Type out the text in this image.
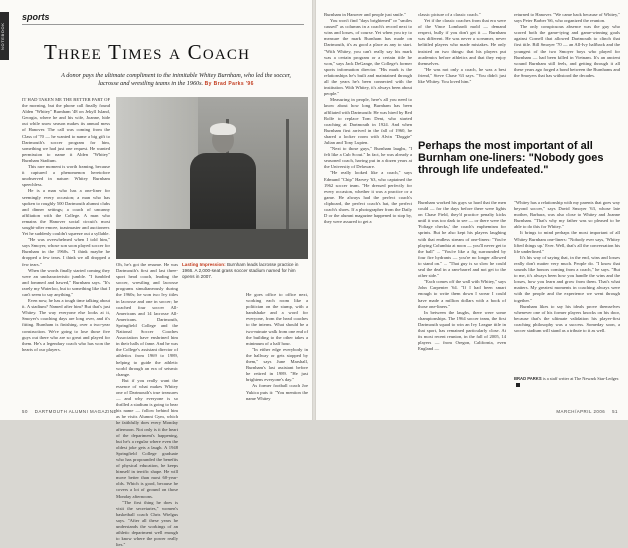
NOTEBOOK
sports
Three Times a Coach
A donor pays the ultimate compliment to the inimitable Whitey Burnham, who led the soccer, lacrosse and wrestling teams in the 1960s. By Brad Parks '96

IT HAD TAKEN ME THE BETTER PART OF the morning, but the phone call finally found Alden "Whitey" Burnham '48 on Jekyll Island, Georgia, where he and his wife, Joanne, hide out while snow season makes its annual mess of Hanover. The call was coming from the Class of '70 — he wanted to name a big gift to Dartmouth's soccer program for him, something we had just one request. He wanted permission to name it Alden "Whitey" Burnham Stadium.

This rare moment is worth framing, because it captured a phenomenon heretofore unobserved in nature: Whitey Burnham speechless.

He is a man who has a one-liner for seemingly every occasion; a man who has spoken to roughly 500 Dartmouth alumni clubs and dinner settings; a coach of uncanny affiliation with the College. A man who remains the Hanover social circuit's most sought-after emcee, toastmaster and auctioneer. Yet he suddenly couldn't squeeze out a syllable.

"He was overwhelmed when I told him," says Smoyer, whose son soon played soccer for Burnham in the 1960s. "I think maybe he dropped a few tears. I think we all dropped a few tears."

When the words finally started coming they were an uncharacteristic jumble. "I fumbled and fommed and hawed," Burnham says. "It's rarely my Waterloo, but to something like that I can't seem to say anything."

Even now, he has a tough time talking about it. A stadium? Named after him? But that's just Whitey. The way everyone else looks at it, Smoyer's coaching days are long over, and it's fitting. Burnham is finishing, over a two-year construction. We're going to lose those five guys out there who are so great and played for them. He's a legendary coach who has won the hearts of our players.

Oh, he's got the resume. He was Dartmouth's first and last three-sport head coach, leading the soccer, wrestling and lacrosse programs simultaneously during the 1960s; he won two Ivy titles in lacrosse and one in soccer; he coached four soccer All-Americans and 14 lacrosse All-Americans. Dartmouth, Springfield College and the National Soccer Coaches Association have enshrined him in their halls of fame. And he was the College's assistant director of athletics from 1969 to 1989, helping to guide the athletic world through an era of seismic change.

But if you really want the essence of what makes Whitey one of Dartmouth's true treasures — and why everyone is so thrilled a stadium is going to bear his name — follow behind him as he visits Alumni Gym, which he faithfully does every Monday afternoon. Not only is it the heart of the department's happening, but he's a regular where even the oldest joke gets a laugh. A 1948 Springfield College graduate who has propounded the benefits of physical education, he keeps himself in terrific shape. He will move better than most 60-year-olds. Which is good, because he covers a lot of ground on those Monday afternoons.

"The first thing he does is visit the secretaries," women's basketball coach Chris Wielgus says. "After all these years he understands the workings of an athletic department well enough to know where the power really lies."

Lasting Impression: Burnham leads lacrosse practice in 1966. A 2,000-seat grass soccer stadium named for him opens in 2007.

He goes office to office next, working each room like a politician on the stump, with a handshake and a word for everyone, from the head coaches to the interns. What should be a two-minute walk from one end of the building to the other takes a minimum of a half hour.

"In either edge everybody in the hallway or gets stopped by them," says June Marshall, Burnham's last assistant before he retired in 1989. "He just brightens everyone's day."

As former football coach Joe Yukica puts it: "You mention the name Whitey

50 DARTMOUTH ALUMNI MAGAZINE

Burnham in Hanover and people just smile."

You won't find "days brightened" or "smiles caused" as columns in a coach's record next to wins and losses, of course. Yet when you try to measure the mark Burnham has made on Dartmouth, it's as good a place as any to start. "With Whitey, you can't really say his mark was a certain program or a certain title he won," says Jack DeGange, the College's former sports information director. "His mark is the relationships he's built and maintained through all the years he's been connected with the institution. With Whitey, it's always been about people."

Measuring in people, here's all you need to know about how long Burnham has been affiliated with Dartmouth: He was hired by Red Rolfe to replace Tom Dent, who started coaching at Dartmouth in 1924. And when Burnham first arrived in the fall of 1960, he shared a locker room with Alvin "Doggie" Julian and Tony Lupien.

"Next to those guys," Burnham laughs, "I felt like a Cub Scout." In fact, he was already a seasoned coach, having put in a dozen years at the University of Delaware.

"He really looked like a coach," says Edmund "Chip" Harvey '63, who captained the 1962 soccer team. "He dressed perfectly for every occasion, whether it was a practice or a game. He always had the perfect coach's clipboard, the perfect coach's hat, the perfect coach's shoes. If a photographer from the Daily D or the alumni magazine happened to stop by, they were assured to get a

classic picture of a classic coach."

Yet if the classic coaches from that era were of the Vince Lombardi mold — demand respect, bully if you don't get it — Burnham was different. He was never a screamer, never belittled players who made mistakes. He only insisted on two things: that his players put academics before athletics and that they enjoy themselves.

"He was not only a coach, he was a best friend," Steve Chase '63 says. "You didn't just like Whitey. You loved him."

Perhaps the most important of all Burnham one-liners: "Nobody goes through life undefeated."

Burnham worked his guys so hard that the men could — for the days before there were lights on Chase Field, they'd practice penalty kicks until it was too dark to see — or there were the 'Foliage checks,' the coach's euphemism for sprints. But he also kept his players laughing with that endless stream of one-liners: "You're playing Columbia at noon — you'll never get to the ball" ... "You're like a fig surrounded by four fire hydrants — you're no longer allowed to stand on." ... "That guy is so slow he could seal the deal in a ram-barrel and not get to the other side."

"Each comes off the wall with Whitey," says John Carpenter '64. "If I had been smart enough to write them down I swear I could have made a million dollars with a book of those one-liners."

In between the laughs, there were some championships. The 1964 soccer team, the first Dartmouth squad to win an Ivy League title in that sport, has remained particularly close. At its most recent reunion, in the fall of 2005, 14 players — from Oregon, California, even England —

returned to Hanover. "We came back because of Whitey," says Peter Barber '66, who organized the reunion.

The only conspicuous absence was the guy who scored both the game-tying and game-winning goals against Cornell that allowed Dartmouth to clinch that first title. Bill Smoyer '70 — an All-Ivy halfback and the youngest of the two Smoyer boys who played for Burnham — had been killed in Vietnam. It's an ancient wound Burnham still feels, and getting through it all these years ago forged a bond between the Burnhams and the Smoyers that has withstood the decades.

"Whitey has a relationship with my parents that goes way beyond soccer," says David Smoyer '63, whose late mother, Barbara, was also close to Whitey and Joanne Burnham. "That's why my father was so pleased to be able to do this for Whitey."

It brings to mind perhaps the most important of all Whitey Burnham one-liners: "Nobody ever says, 'Whitey lifted things up.' Ever. Well, that's all the conversation his life underlined."

It's his way of saying that, in the end, wins and losses really don't matter very much. People do. "I know that sounds like honors coming from a coach," he says. "But to me, it's always been how you handle the wins and the losses, how you learn and grow from them. That's what matters. My greatest moments in coaching always were with the people and the experience we went through together."

Burnham likes to say his ideals prove themselves whenever one of his former players knocks on his door, because that's the ultimate validation his player-first coaching philosophy was a success. Someday soon, a soccer stadium will stand as a tribute to it as well.

BRAD PARKS is a staff writer at The Newark Star-Ledger.
MARCH/APRIL 2006 51
